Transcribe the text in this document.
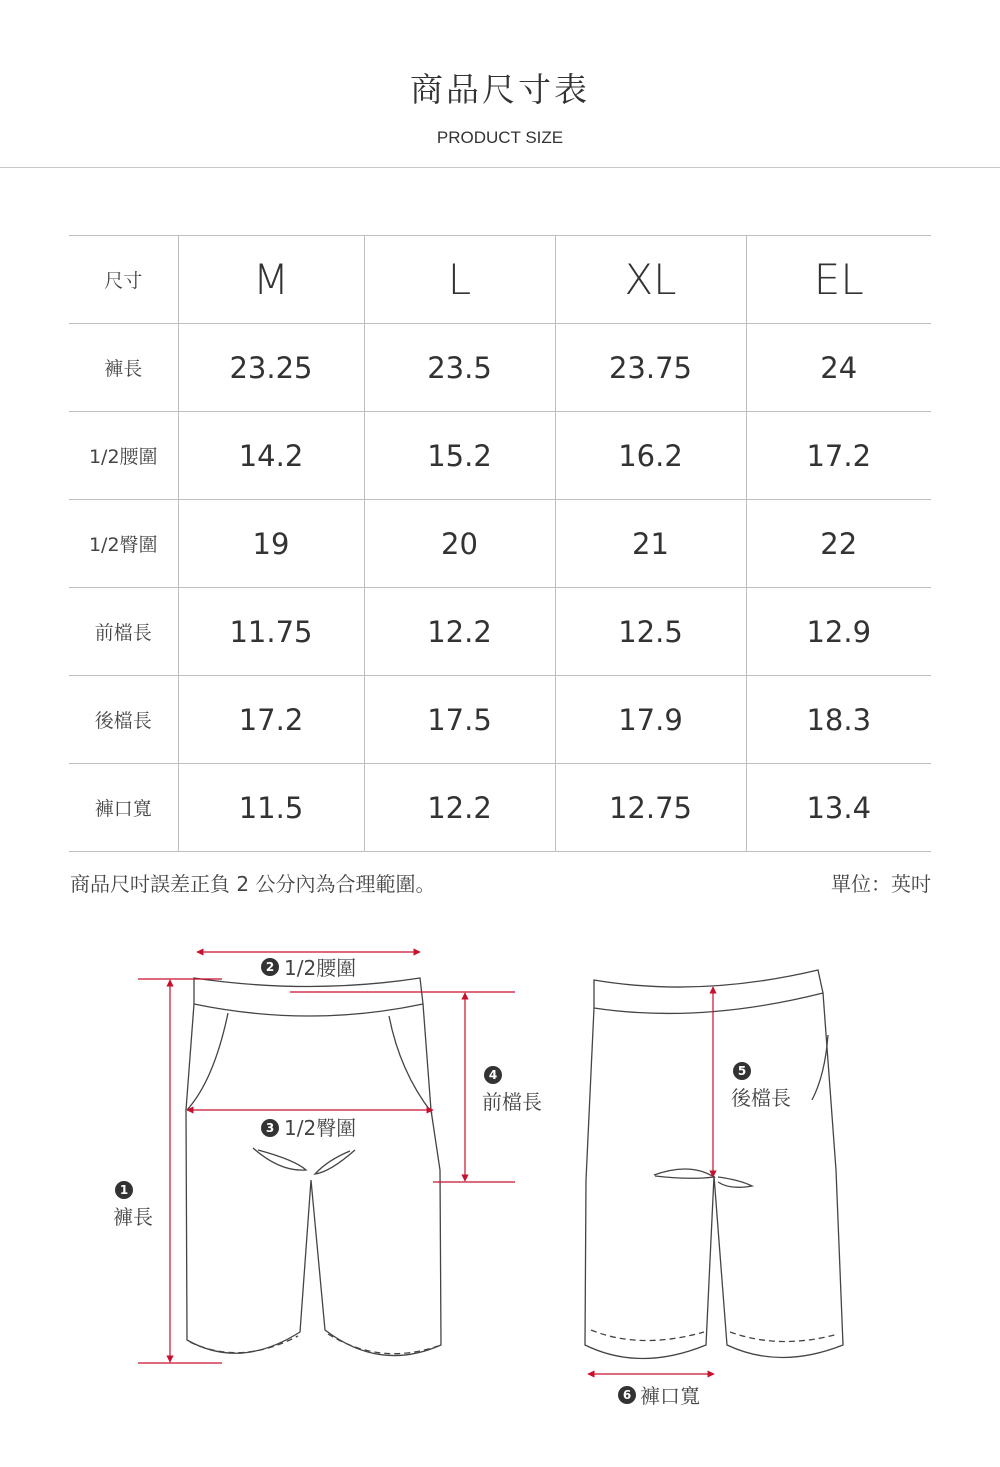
商品尺寸表
PRODUCT SIZE
尺寸	M	L	XL	EL
褲長	23.25	23.5	23.75	24
1/2腰圍	14.2	15.2	16.2	17.2
1/2臀圍	19	20	21	22
前檔長	11.75	12.2	12.5	12.9
後檔長	17.2	17.5	17.9	18.3
褲口寬	11.5	12.2	12.75	13.4
商品尺吋誤差正負 2 公分內為合理範圍。	單位：英吋
2 1/2腰圍
3 1/2臀圍
1
褲長
4
前檔長
5
後檔長
6 褲口寬
